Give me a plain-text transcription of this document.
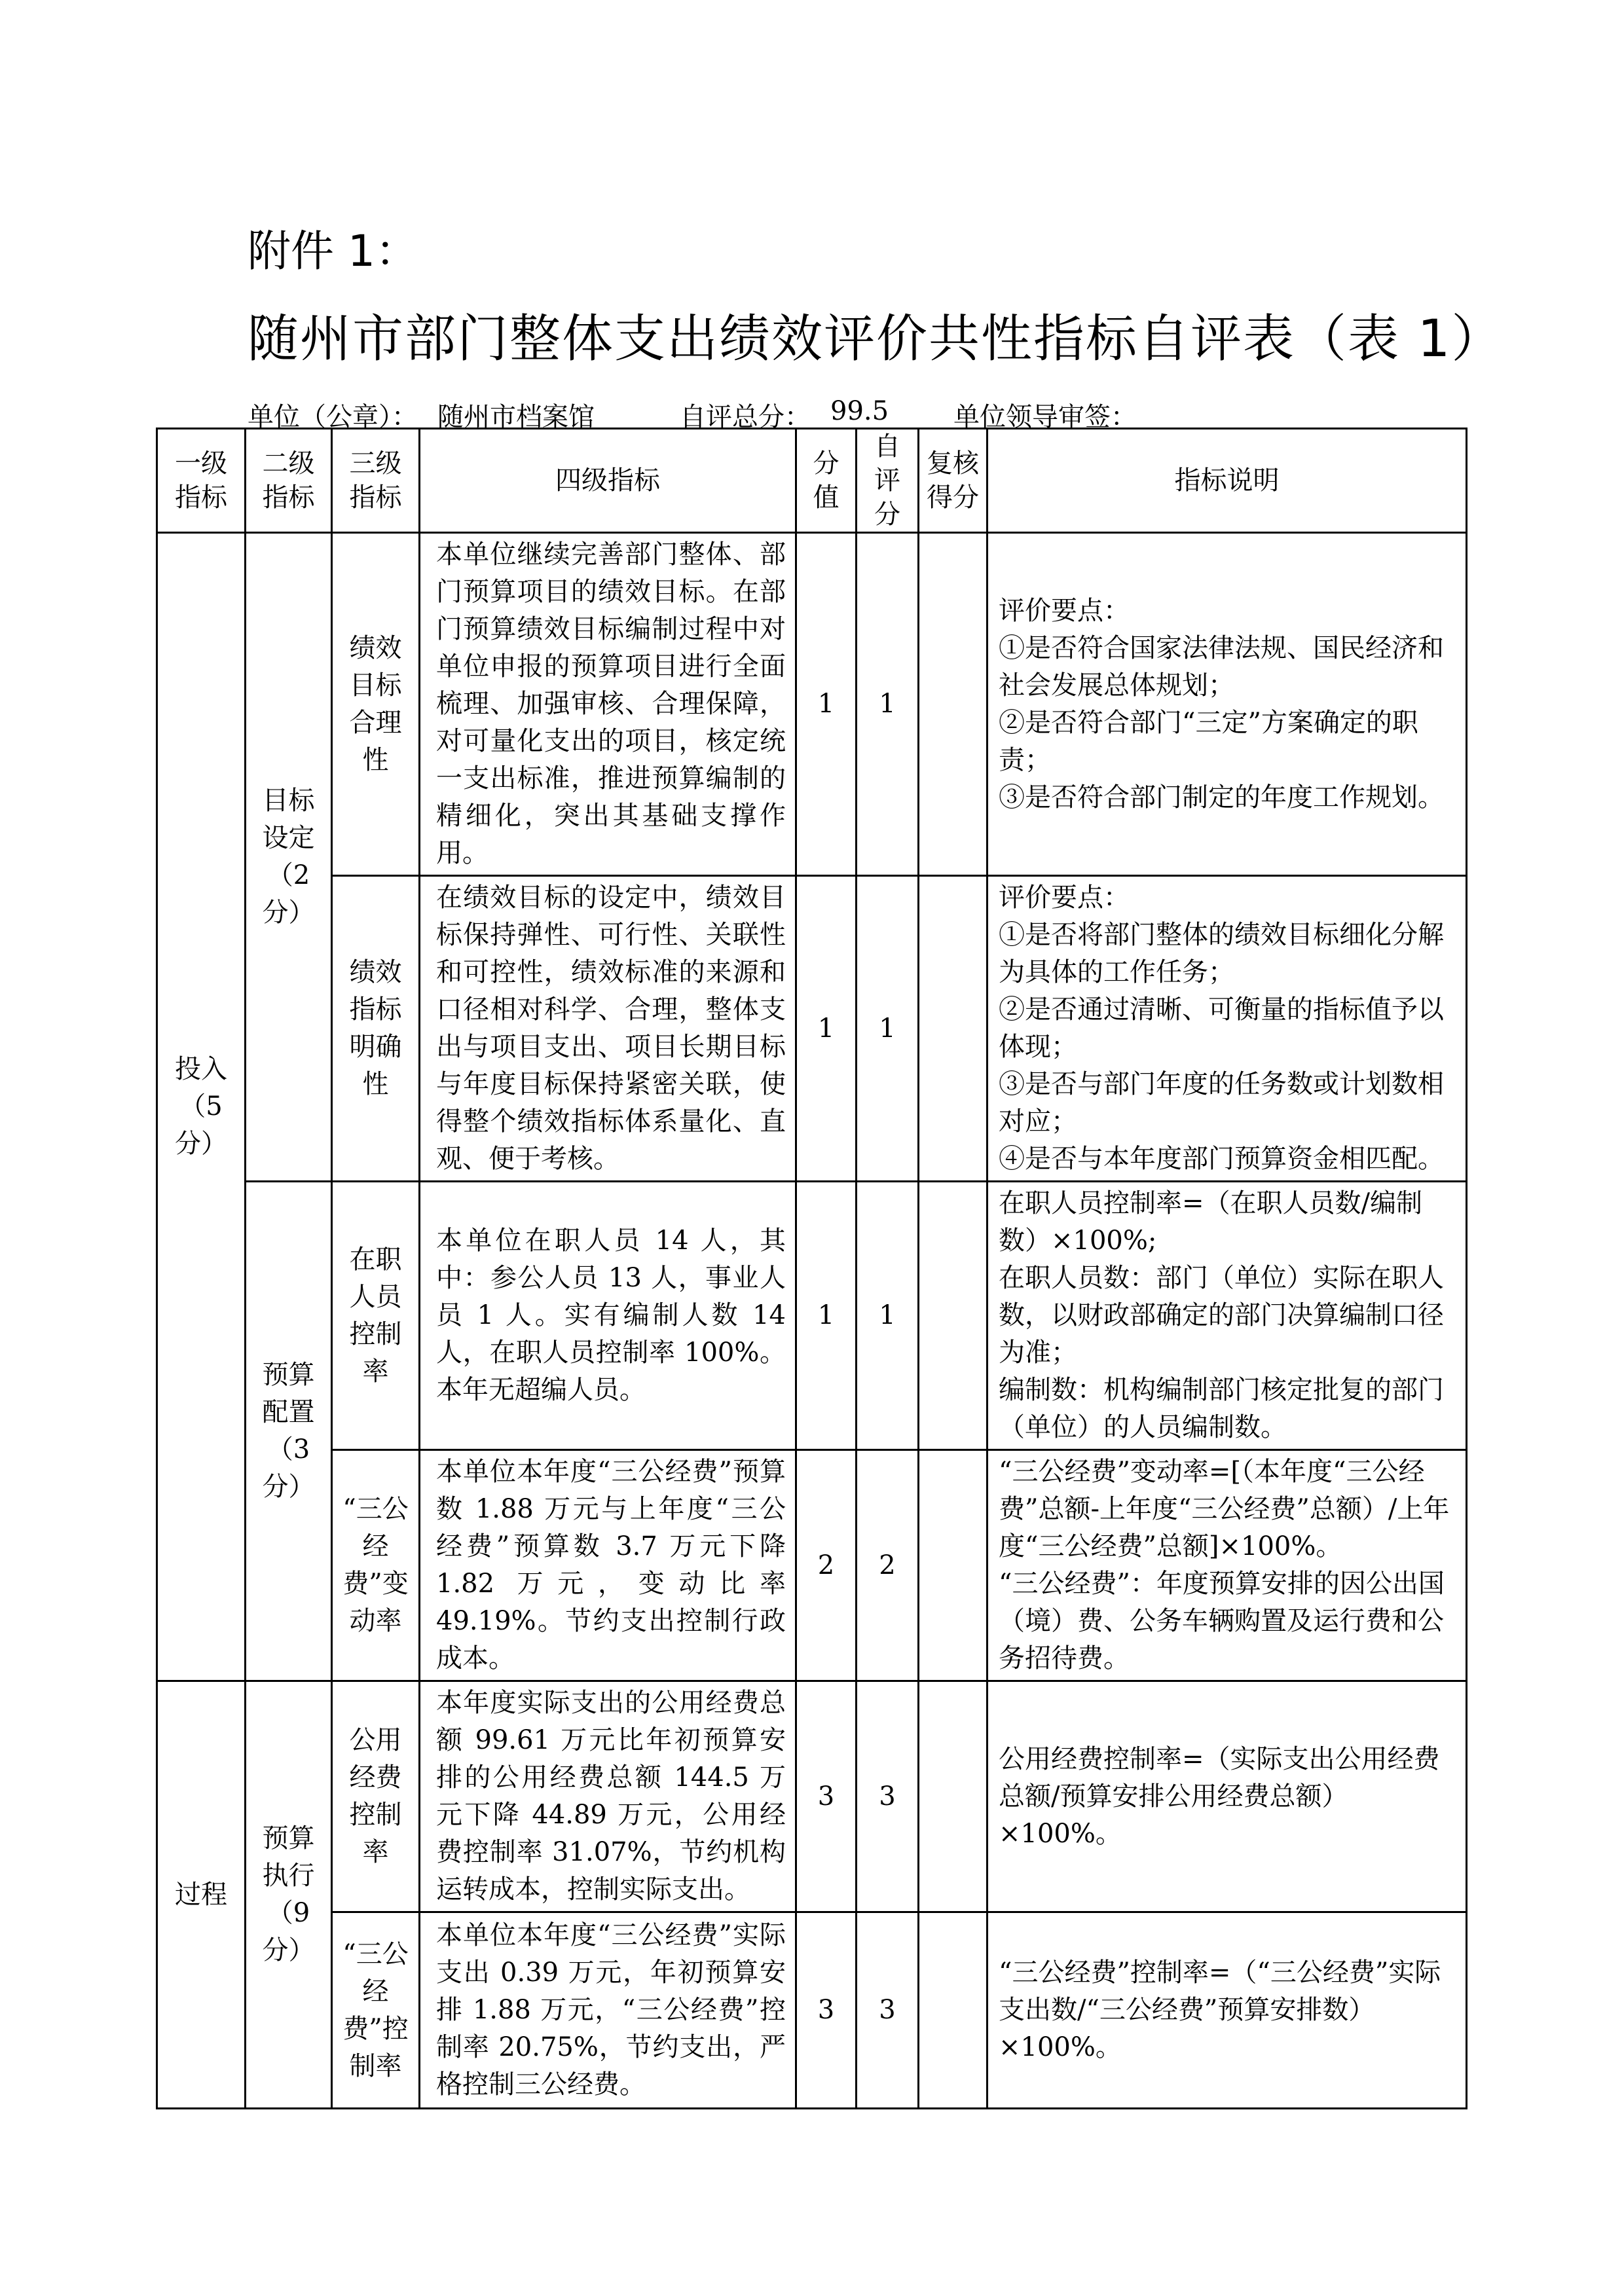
附件 1：
随州市部门整体支出绩效评价共性指标自评表（表 1）
单位（公章）： 随州市档案馆	自评总分： 99.5 单位领导审签：
一级指标	二级指标	三级指标	四级指标	分值	自评分	复核得分	指标说明
投入（5分）	目标设定（2分）	绩效目标合理性	本单位继续完善部门整体、部门预算项目的绩效目标。在部门预算绩效目标编制过程中对单位申报的预算项目进行全面梳理、加强审核、合理保障，对可量化支出的项目，核定统一支出标准，推进预算编制的精细化，突出其基础支撑作用。	1	1		评价要点：
①是否符合国家法律法规、国民经济和社会发展总体规划；
②是否符合部门“三定”方案确定的职责；
③是否符合部门制定的年度工作规划。

		绩效指标明确性	在绩效目标的设定中，绩效目标保持弹性、可行性、关联性和可控性，绩效标准的来源和口径相对科学、合理，整体支出与项目支出、项目长期目标与年度目标保持紧密关联，使得整个绩效指标体系量化、直观、便于考核。	1	1		评价要点：
①是否将部门整体的绩效目标细化分解为具体的工作任务；
②是否通过清晰、可衡量的指标值予以体现；
③是否与部门年度的任务数或计划数相对应；
④是否与本年度部门预算资金相匹配。

	预算配置（3分）	在职人员控制率	本单位在职人员 14 人，其中：参公人员 13 人，事业人员 1 人。实有编制人数 14 人，在职人员控制率 100%。本年无超编人员。	1	1		在职人员控制率=（在职人员数/编制数）×100%;
在职人员数：部门（单位）实际在职人数，以财政部确定的部门决算编制口径为准；
编制数：机构编制部门核定批复的部门（单位）的人员编制数。

		“三公经费”变动率	本单位本年度“三公经费”预算数 1.88 万元与上年度“三公经费”预算数 3.7 万元下降 1.82 万元，变动比率 49.19%。节约支出控制行政成本。	2	2		“三公经费”变动率=[（本年度“三公经费”总额-上年度“三公经费”总额）/上年度“三公经费”总额]×100%。
“三公经费”：年度预算安排的因公出国（境）费、公务车辆购置及运行费和公务招待费。

过程	预算执行（9分）	公用经费控制率	本年度实际支出的公用经费总额 99.61 万元比年初预算安排的公用经费总额 144.5 万元下降 44.89 万元，公用经费控制率 31.07%，节约机构运转成本，控制实际支出。	3	3		公用经费控制率=（实际支出公用经费总额/预算安排公用经费总额）×100%。

		“三公经费”控制率	本单位本年度“三公经费”实际支出 0.39 万元，年初预算安排 1.88 万元，“三公经费”控制率 20.75%，节约支出，严格控制三公经费。	3	3		“三公经费”控制率=（“三公经费”实际支出数/“三公经费”预算安排数）×100%。
